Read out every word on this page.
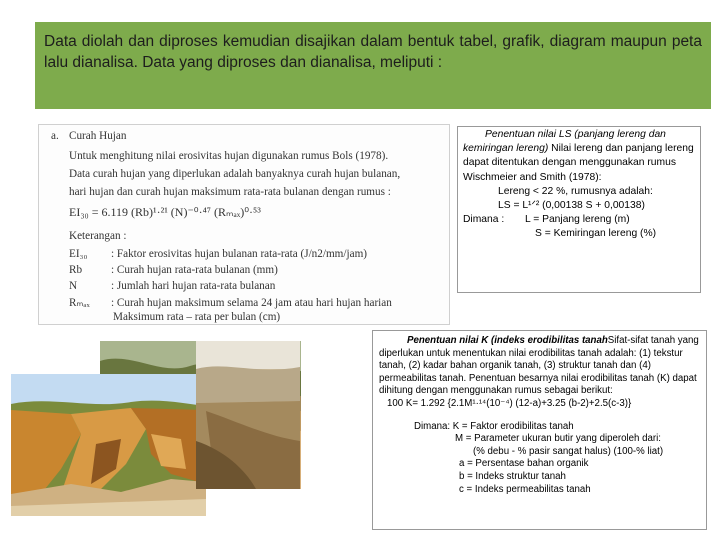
Data diolah dan diproses kemudian disajikan dalam bentuk tabel, grafik, diagram maupun peta lalu dianalisa. Data yang diproses dan dianalisa, meliputi :

a. Curah Hujan
Untuk menghitung nilai erosivitas hujan digunakan rumus Bols (1978).
Data curah hujan yang diperlukan adalah banyaknya curah hujan bulanan,
hari hujan dan curah hujan maksimum rata-rata bulanan dengan rumus :
EI₃₀ = 6.119 (Rb)¹·²¹ (N)⁻⁰·⁴⁷ (Rₘₐₓ)⁰·⁵³
Keterangan :
EI₃₀ : Faktor erosivitas hujan bulanan rata-rata (J/n2/mm/jam)
Rb	: Curah hujan rata-rata bulanan (mm)
N	: Jumlah hari hujan rata-rata bulanan
Rₘₐₓ : Curah hujan maksimum selama 24 jam atau hari hujan harian
Maksimum rata – rata per bulan (cm)

Penentuan nilai LS (panjang lereng dan kemiringan lereng) Nilai lereng dan panjang lereng dapat ditentukan dengan menggunakan rumus Wischmeier and Smith (1978):

Lereng < 22 %, rumusnya adalah:

LS = L¹ᐟ² (0,00138 S + 0,00138)

Dimana : L = Panjang lereng (m)

S = Kemiringan lereng (%)

Penentuan nilai K (indeks erodibilitas tanahSifat-sifat tanah yang diperlukan untuk menentukan nilai erodibilitas tanah adalah: (1) tekstur tanah, (2) kadar bahan organik tanah, (3) struktur tanah dan (4) permeabilitas tanah. Penentuan besarnya nilai erodibilitas tanah (K) dapat dihitung dengan menggunakan rumus sebagai berikut:

100 K= 1.292 {2.1M¹·¹⁴(10⁻⁴) (12-a)+3.25 (b-2)+2.5(c-3)}

Dimana: K = Faktor erodibilitas tanah

M = Parameter ukuran butir yang diperoleh dari:

(% debu - % pasir sangat halus) (100-% liat)

a = Persentase bahan organik

b = Indeks struktur tanah

c = Indeks permeabilitas tanah
